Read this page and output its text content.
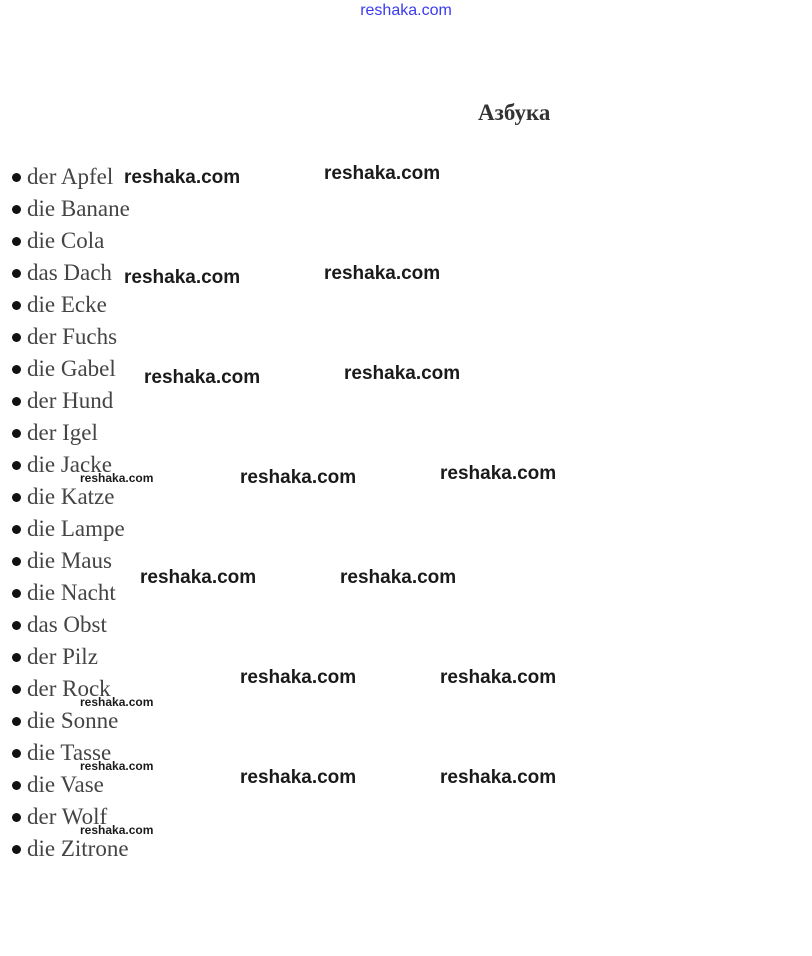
reshaka.com
Азбука
der Apfel
die Banane
die Cola
das Dach
die Ecke
der Fuchs
die Gabel
der Hund
der Igel
die Jacke
die Katze
die Lampe
die Maus
die Nacht
das Obst
der Pilz
der Rock
die Sonne
die Tasse
die Vase
der Wolf
die Zitrone
reshaka.com	reshaka.com
reshaka.com	reshaka.com
reshaka.com	reshaka.com
reshaka.com	reshaka.com
reshaka.com	reshaka.com
reshaka.com	reshaka.com
reshaka.com	reshaka.com
reshaka.com
reshaka.com
reshaka.com
reshaka.com
